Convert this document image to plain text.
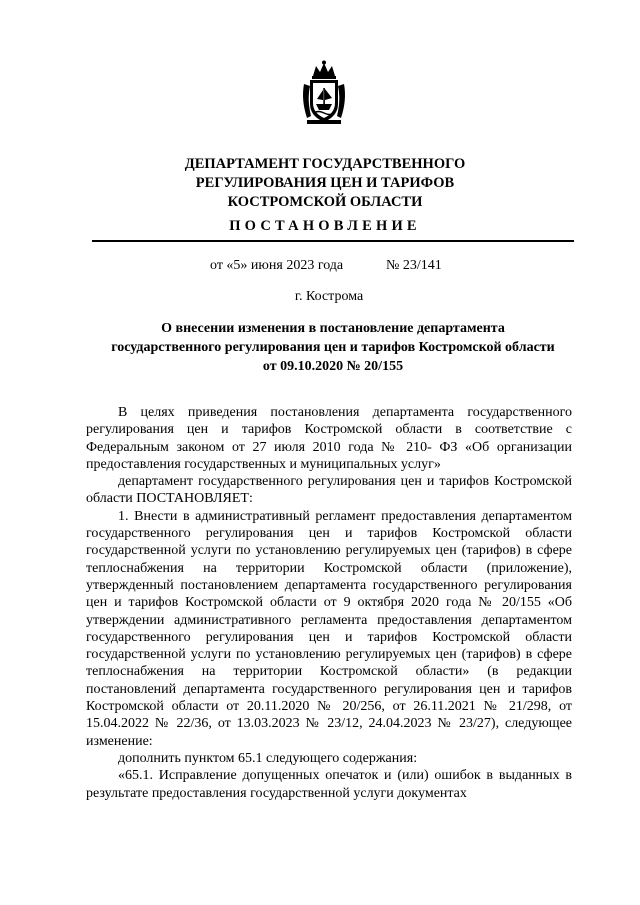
ДЕПАРТАМЕНТ ГОСУДАРСТВЕННОГО
РЕГУЛИРОВАНИЯ ЦЕН И ТАРИФОВ
КОСТРОМСКОЙ ОБЛАСТИ
ПОСТАНОВЛЕНИЕ
от «5» июня 2023 года	№ 23/141
г. Кострома
О внесении изменения в постановление департамента
государственного регулирования цен и тарифов Костромской области
от 09.10.2020 № 20/155

В целях приведения постановления департамента государственного регулирования цен и тарифов Костромской области в соответствие с Федеральным законом от 27 июля 2010 года № 210- ФЗ «Об организации предоставления государственных и муниципальных услуг»

департамент государственного регулирования цен и тарифов Костромской области ПОСТАНОВЛЯЕТ:

1. Внести в административный регламент предоставления департаментом государственного регулирования цен и тарифов Костромской области государственной услуги по установлению регулируемых цен (тарифов) в сфере теплоснабжения на территории Костромской области (приложение), утвержденный постановлением департамента государственного регулирования цен и тарифов Костромской области от 9 октября 2020 года № 20/155 «Об утверждении административного регламента предоставления департаментом государственного регулирования цен и тарифов Костромской области государственной услуги по установлению регулируемых цен (тарифов) в сфере теплоснабжения на территории Костромской области» (в редакции постановлений департамента государственного регулирования цен и тарифов Костромской области от 20.11.2020 № 20/256, от 26.11.2021 № 21/298, от 15.04.2022 № 22/36, от 13.03.2023 № 23/12, 24.04.2023 № 23/27), следующее изменение:

дополнить пунктом 65.1 следующего содержания:

«65.1. Исправление допущенных опечаток и (или) ошибок в выданных в результате предоставления государственной услуги документах
